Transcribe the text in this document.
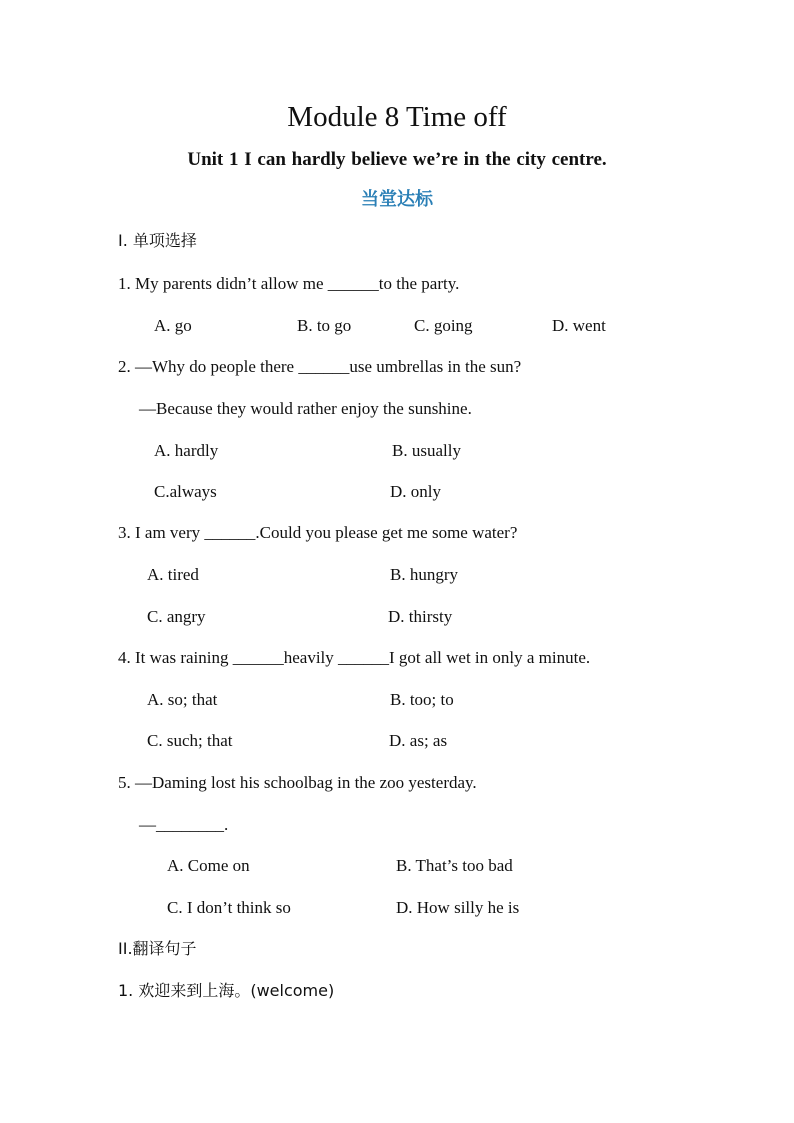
Module 8 Time off
Unit 1 I can hardly believe we’re in the city centre.
当堂达标
Ⅰ. 单项选择
1. My parents didn’t allow me ______to the party.
A. go	B. to go	C. going	D. went
2. —Why do people there ______use umbrellas in the sun?
—Because they would rather enjoy the sunshine.
A. hardly	B. usually
C.always	D. only
3. I am very ______.Could you please get me some water?
A. tired	B. hungry
C. angry	D. thirsty
4. It was raining ______heavily ______I got all wet in only a minute.
A. so; that	B. too; to
C. such; that	D. as; as
5. —Daming lost his schoolbag in the zoo yesterday.
—________.
A. Come on	B. That’s too bad
C. I don’t think so	D. How silly he is
II.翻译句子
1. 欢迎来到上海。(welcome)
